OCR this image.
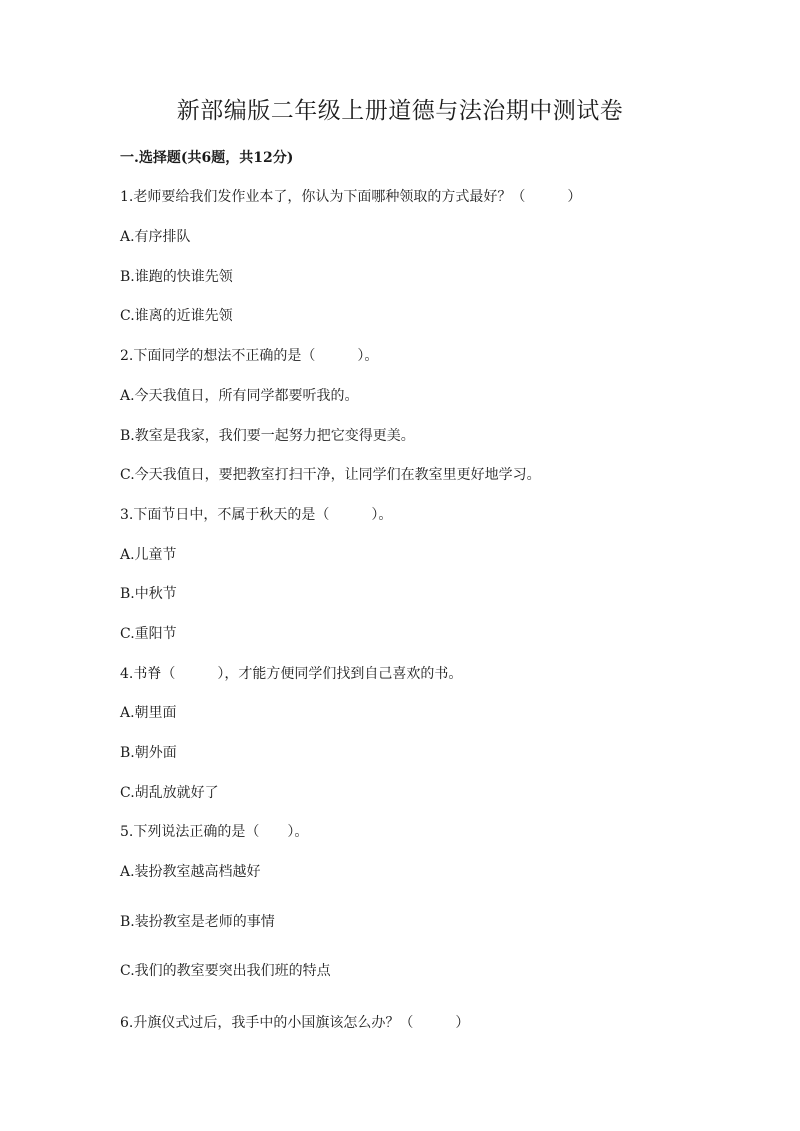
新部编版二年级上册道德与法治期中测试卷
一.选择题(共6题，共12分)
1.老师要给我们发作业本了，你认为下面哪种领取的方式最好？（　　　）
A.有序排队
B.谁跑的快谁先领
C.谁离的近谁先领
2.下面同学的想法不正确的是（　　　）。
A.今天我值日，所有同学都要听我的。
B.教室是我家，我们要一起努力把它变得更美。
C.今天我值日，要把教室打扫干净，让同学们在教室里更好地学习。
3.下面节日中，不属于秋天的是（　　　）。
A.儿童节
B.中秋节
C.重阳节
4.书脊（　　　），才能方便同学们找到自己喜欢的书。
A.朝里面
B.朝外面
C.胡乱放就好了
5.下列说法正确的是（　　）。
A.装扮教室越高档越好
B.装扮教室是老师的事情
C.我们的教室要突出我们班的特点
6.升旗仪式过后，我手中的小国旗该怎么办？（　　　）
